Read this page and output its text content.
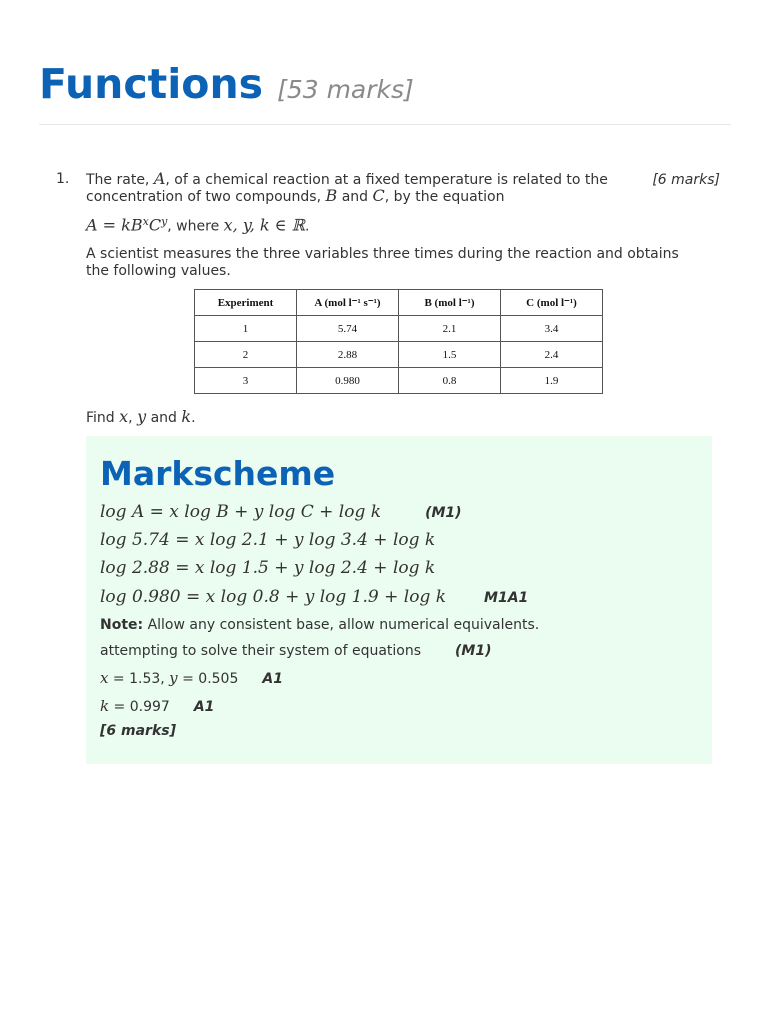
Functions [53 marks]
1.	[6 marks]
The rate, A, of a chemical reaction at a fixed temperature is related to the concentration of two compounds, B and C, by the equation
$A = kB^xC^y$, where x, y, k ∈ ℝ.
A scientist measures the three variables three times during the reaction and obtains the following values.
Experiment	A (mol l⁻¹ s⁻¹)	B (mol l⁻¹)	C (mol l⁻¹)
1	5.74	2.1	3.4
2	2.88	1.5	2.4
3	0.980	0.8	1.9
Find x, y and k.
Markscheme
log A = x log B + y log C + log k	(M1)
log 5.74 = x log 2.1 + y log 3.4 + log k
log 2.88 = x log 1.5 + y log 2.4 + log k
log 0.980 = x log 0.8 + y log 1.9 + log k	M1A1
Note: Allow any consistent base, allow numerical equivalents.
attempting to solve their system of equations (M1)
x = 1.53, y = 0.505 A1
k = 0.997 A1
[6 marks]
